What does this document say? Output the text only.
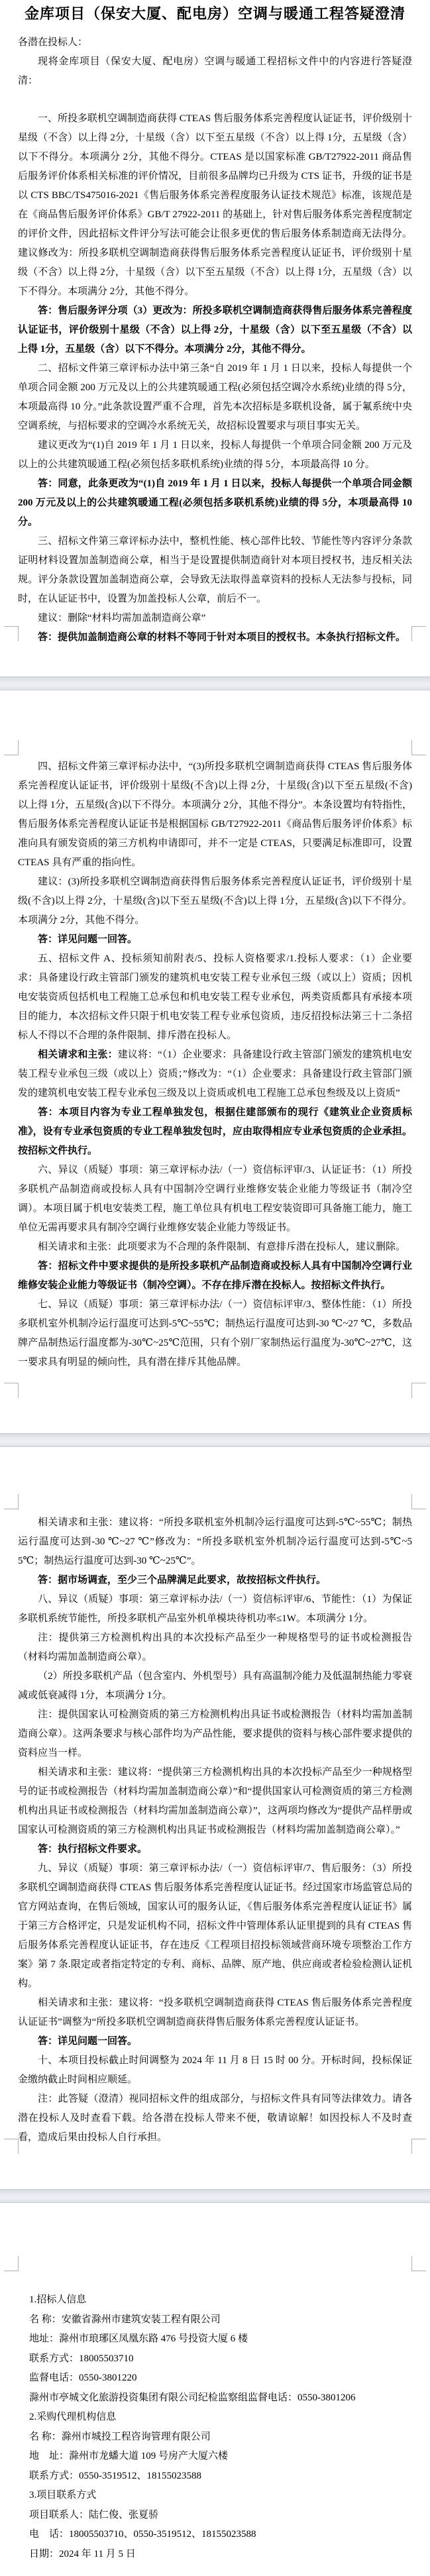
金库项目（保安大厦、配电房）空调与暖通工程答疑澄清

各潜在投标人：

现将金库项目（保安大厦、配电房）空调与暖通工程招标文件中的内容进行答疑澄清：

一、所投多联机空调制造商获得 CTEAS 售后服务体系完善程度认证证书，评价级别十星级（不含）以上得 2分，十星级（含）以下至五星级（不含）以上得 1分，五星级（含）以下不得分。本项满分 2分，其他不得分。CTEAS 是以国家标准 GB/T27922-2011 商品售后服务评价体系相关标准的评价情况，目前很多品牌均已升级为 CTS 证书，升级的证书是以 CTS BBC/TS475016-2021《售后服务体系完善程度服务认证技术规范》标准，该规范是在《商品售后服务评价体系》GB/T 27922-2011 的基础上，针对售后服务体系完善程度制定的评价文件，因此招标文件评分写法可能会让很多更优的售后服务体系制造商无法得分。建议修改为：所投多联机空调制造商获得售后服务体系完善程度认证证书，评价级别十星级（不含）以上得 2分，十星级（含）以下至五星级（不含）以上得 1分，五星级（含）以下不得分。本项满分 2分，其他不得分。

答：售后服务评分项（3）更改为：所投多联机空调制造商获得售后服务体系完善程度认证证书，评价级别十星级（不含）以上得 2分，十星级（含）以下至五星级（不含）以上得 1分，五星级（含）以下不得分。本项满分 2分，其他不得分。

二、招标文件第三章评标办法中第三条“自 2019 年 1 月 1 日以来，投标人每提供一个单项合同金额 200 万元及以上的公共建筑暖通工程(必须包括空调冷水系统)业绩的得 5分，本项最高得 10 分。”此条款设置严重不合理，首先本次招标是多联机设备，属于氟系统中央空调系统，与招标要求的空调冷水系统无关，故招标设置要求与项目事实无关。

建议更改为“(1)自 2019 年 1 月 1 日以来，投标人每提供一个单项合同金额 200 万元及以上的公共建筑暖通工程(必须包括多联机系统)业绩的得 5分，本项最高得 10 分。

答：同意，此条更改为“(1)自 2019 年 1 月 1 日以来，投标人每提供一个单项合同金额 200 万元及以上的公共建筑暖通工程(必须包括多联机系统)业绩的得 5分，本项最高得 10 分。

三、招标文件第三章评标办法中，整机性能、核心部件比较、节能性等内容评分条款证明材料设置加盖制造商公章，相当于是设置提供制造商针对本项目授权书，违反相关法规。评分条款设置加盖制造商公章，会导致无法取得盖章资料的投标人无法参与投标，同时，在认证证书中，设置为加盖投标人公章，前后不一。

建议：删除“材料均需加盖制造商公章”

答：提供加盖制造商公章的材料不等同于针对本项目的授权书。本条执行招标文件。

四、招标文件第三章评标办法中，“(3)所投多联机空调制造商获得 CTEAS 售后服务体系完善程度认证证书，评价级别十星级(不含)以上得 2分，十星级(含)以下至五星级(不含)以上得 1分，五星级(含)以下不得分。本项满分 2分，其他不得分”。本条设置均有特指性，售后服务体系完善程度认证证书是根据国标 GB/T27922-2011《商品售后服务评价体系》标准向具有颁发资质的第三方机构申请即可，并不一定是 CTEAS，只要满足标准即可，设置 CTEAS 具有严重的指向性。

建议：(3)所投多联机空调制造商获得售后服务体系完善程度认证证书，评价级别十星级(不含)以上得 2分，十星级(含)以下至五星级(不含)以上得 1分，五星级(含)以下不得分。本项满分 2分，其他不得分。

答：详见问题一回答。

五、招标文件 A、投标须知前附表/5、投标人资格要求/1.投标人要求：（1）企业要求：具备建设行政主管部门颁发的建筑机电安装工程专业承包三级（或以上）资质；因机电安装资质包括机电工程施工总承包和机电安装工程专业承包，两类资质都具有承接本项目的能力，本次招标文件只限于机电安装工程专业承包资质，违反招投标法第三十二条招标人不得以不合理的条件限制、排斥潜在投标人。

相关请求和主张：建议将：“（1）企业要求：具备建设行政主管部门颁发的建筑机电安装工程专业承包三级（或以上）资质；”修改为：“（1）企业要求：具备建设行政主管部门颁发的建筑机电安装工程专业承包三级及以上资质或机电工程施工总承包叁级及以上资质”

答：本项目内容为专业工程单独发包，根据住建部颁布的现行《建筑业企业资质标准》，设有专业承包资质的专业工程单独发包时，应由取得相应专业承包资质的企业承担。按招标文件执行。

六、异议（质疑）事项：第三章评标办法/（一）资信标评审/3、认证证书：（1）所投多联机产品制造商或投标人具有中国制冷空调行业维修安装企业能力等级证书（制冷空调）。本项目属于机电安装类工程，施工单位具有机电工程安装资即可具备施工能力，施工单位无需再要求具有制冷空调行业维修安装企业能力等级证书。

相关请求和主张：此项要求为不合理的条件限制、有意排斥潜在投标人，建议删除。

答：招标文件中要求提供的是所投多联机产品制造商或投标人具有中国制冷空调行业维修安装企业能力等级证书（制冷空调）。不存在排斥潜在投标人。按招标文件执行。

七、异议（质疑）事项：第三章评标办法/（一）资信标评审/3、整体性能：（1）所投多联机室外机制冷运行温度可达到-5℃~55℃；制热运行温度可达到-30 ℃~27 ℃，多数品牌产品制热运行温度都为-30℃~25℃范围，只有个别厂家制热运行温度为-30℃~27℃，这一要求具有明显的倾向性，具有潜在排斥其他品牌。

相关请求和主张：建议将：“所投多联机室外机制冷运行温度可达到-5℃~55℃；制热运行温度可达到-30 ℃~27 ℃”修改为：“所投多联机室外机制冷运行温度可达到-5℃~55℃；制热运行温度可达到-30 ℃~25℃”。

答：据市场调查，至少三个品牌满足此要求，故按招标文件执行。

八、异议（质疑）事项：第三章评标办法/（一）资信标评审/6、节能性：（1）为保证多联机系统节能性，所投多联机产品室外机单模块待机功率≤1W。本项满分 1分。

注：提供第三方检测机构出具的本次投标产品至少一种规格型号的证书或检测报告（材料均需加盖制造商公章）。

（2）所投多联机产品（包含室内、外机型号）具有高温制冷能力及低温制热能力零衰减或低衰减得 1分，本项满分 1分。

注：提供国家认可检测资质的第三方检测机构出具证书或检测报告（材料均需加盖制造商公章）。这两条要求与核心部件均为产品性能，要求提供的资料与核心部件要求提供的资料应当一样。

相关请求和主张：建议将：“提供第三方检测机构出具的本次投标产品至少一种规格型号的证书或检测报告（材料均需加盖制造商公章）”和“提供国家认可检测资质的第三方检测机构出具证书或检测报告（材料均需加盖制造商公章）”，这两项均修改为“提供产品样册或国家认可检测资质的第三方检测机构出具证书或检测报告（材料均需加盖制造商公章）。”

答：执行招标文件要求。

九、异议（质疑）事项：第三章评标办法/（一）资信标评审/7、售后服务：（3）所投多联机空调制造商获得 CTEAS 售后服务体系完善程度认证证书。经过国家市场监管总局的官方网站查询，在售后领域，国家认可的服务认证，《售后服务体系完善程度认证证书》属于第三方合格评定，只是发证机构不同，招标文件中管理体系认证里提到的具有 CTEAS 售后服务体系完善程度认证证书，存在违反《工程项目招投标领域营商环境专项整治工作方案》第 7 条.限定或者指定特定的专利、商标、品牌、原产地、供应商或者检验检测认证机构。

相关请求和主张：建议将：“投多联机空调制造商获得 CTEAS 售后服务体系完善程度认证证书”调整为“所投多联机空调制造商获得售后服务体系完善程度认证证书。

答：详见问题一回答。

十、本项目投标截止时间调整为 2024 年 11 月 8 日 15 时 00 分。开标时间，投标保证金缴纳截止时间相应顺延。

注：此答疑（澄清）视同招标文件的组成部分，与招标文件具有同等法律效力。请各潜在投标人及时查看下载。给各潜在投标人带来不便，敬请谅解！如因投标人不及时查看，造成后果由投标人自行承担。

1.招标人信息

名 称：安徽省滁州市建筑安装工程有限公司

地址：滁州市琅琊区凤凰东路 476 号投资大厦 6 楼

联系方式：18005503710

监督电话：0550-3801220

滁州市亭城文化旅游投资集团有限公司纪检监察组监督电话：0550-3801206

2.采购代理机构信息

名 称：滁州市城投工程咨询管理有限公司

地　址：滁州市龙蟠大道 109 号房产大厦六楼

联系方式：0550-3519512、18155023588

3.项目联系方式

项目联系人：陆仁俊、张夏骄

电　话：18005503710、0550-3519512、18155023588

日期：2024 年 11 月 5 日
